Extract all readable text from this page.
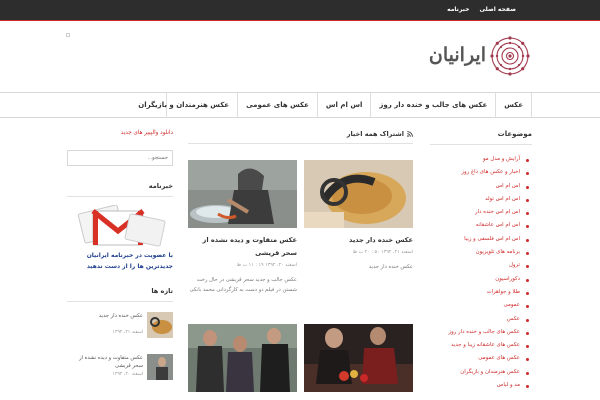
صفحه اصلی
خبرنامه
ایرانیان
عکس
عکس های جالب و خنده دار روز
اس ام اس
عکس های عمومی
عکس هنرمندان و بازیگران
موضوعات
آرایش و مدل مو
اخبار و عکس های داغ روز
اس ام اس
اس ام اس تولد
اس ام اس خنده دار
اس ام اس عاشقانه
اس ام اس فلسفی و زیبا
برنامه های تلویزیون
ترول
دکوراسیون
طلا و جواهرات
عمومی
عکس
عکس های جالب و خنده دار روز
عکس های عاشقانه زیبا و جدید
عکس های عمومی
عکس هنرمندان و بازیگران
مد و لباس
اشتراک همه اخبار
عکس خنده دار جدید
اسفند ۲۱، ۱۳۹۲ ۵۰ : ۲۰ ب ظ
عکس خنده دار جدید
عکس متفاوت و دیده نشده از سحر قریشی
اسفند ۲۰، ۱۳۹۲ ۱۹ : ۱۱ ب ظ
عکس جالب و جدید سحر قریشی در حال رخت شستن در فیلم دو دست به کارگردانی محمد بانکی
دانلود والپیپر های جدید
جستجو...
خبرنامه
با عضویت در خبرنامه ایرانیان
جدیدترین ها را از دست ندهید
تازه ها
عکس خنده دار جدید
اسفند ۲۱، ۱۳۹۲
عکس متفاوت و دیده نشده از سحر قریشی
اسفند ۲۰، ۱۳۹۲
